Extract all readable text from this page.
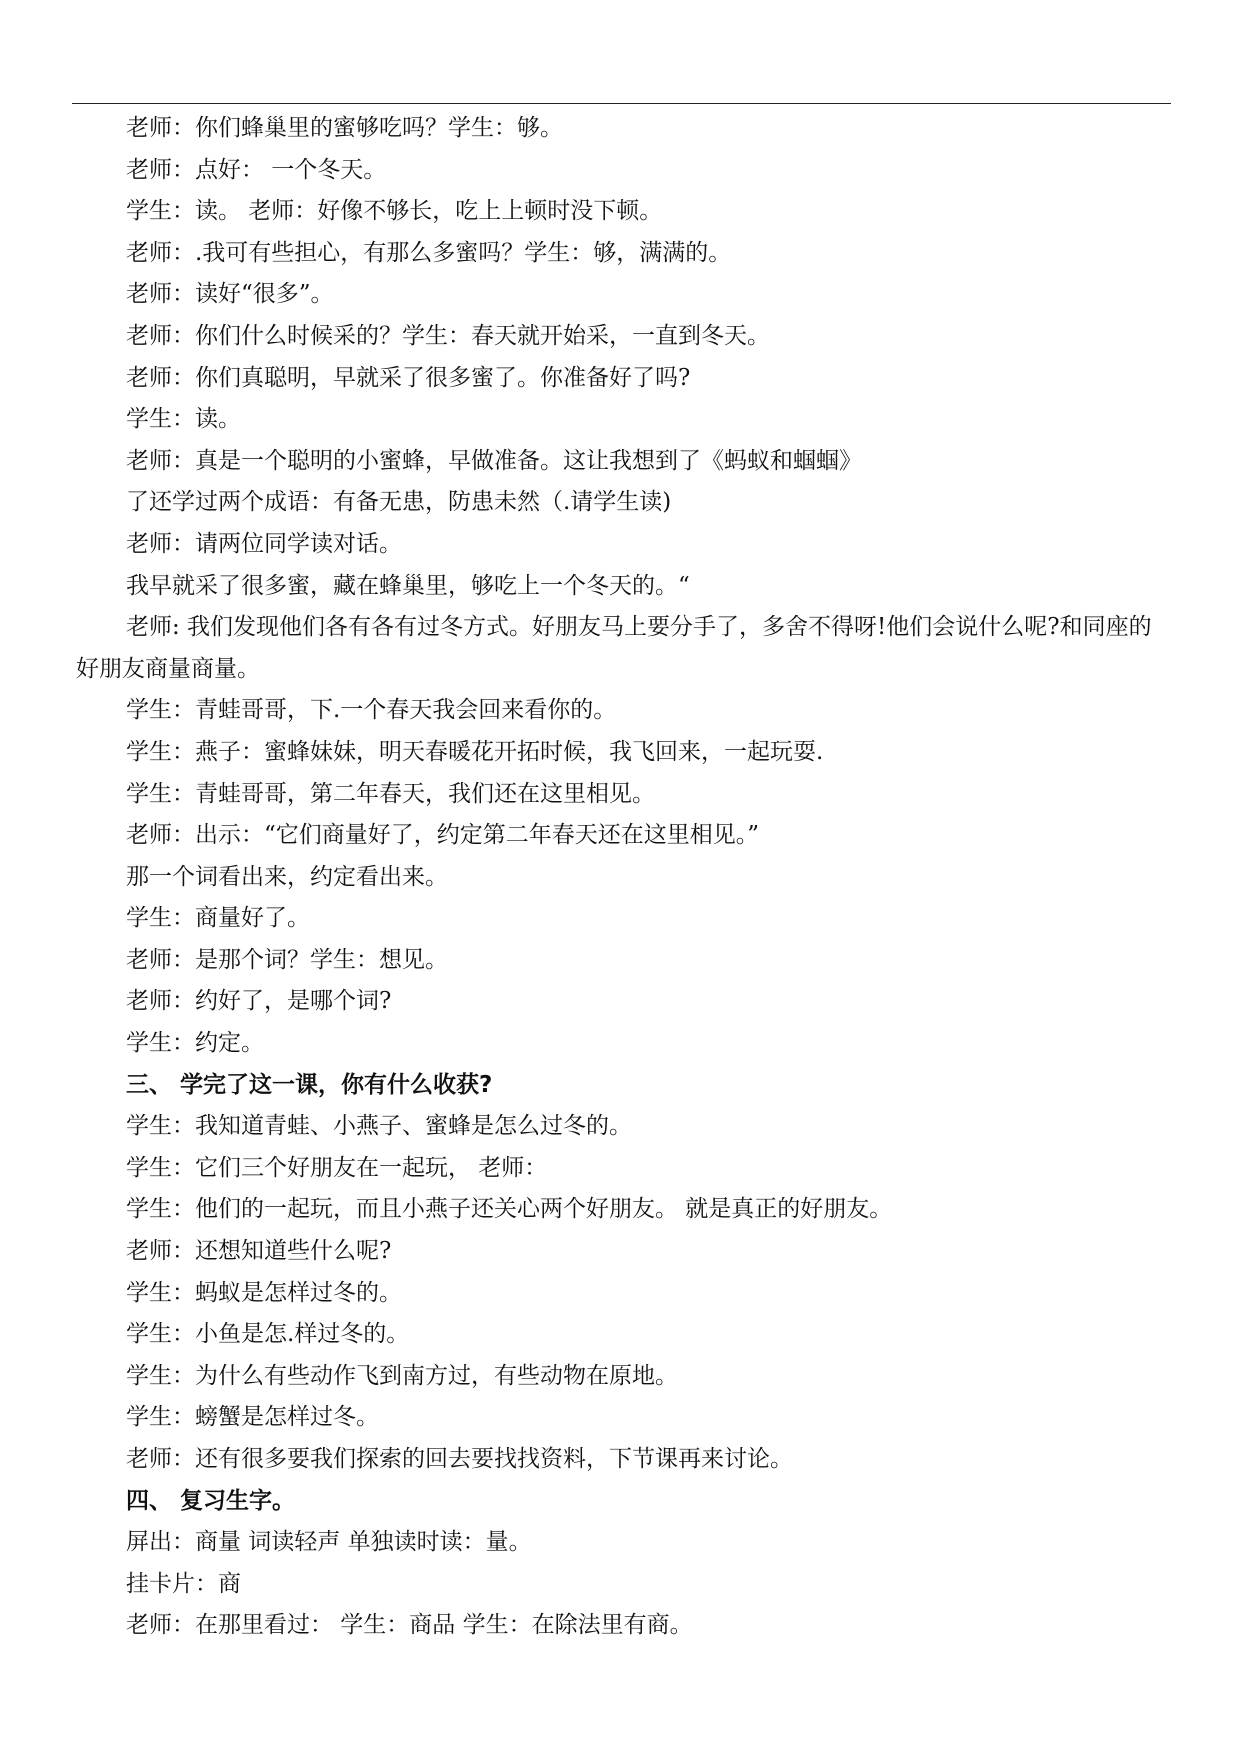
老师：你们蜂巢里的蜜够吃吗？学生：够。

老师：点好： 一个冬天。

学生：读。 老师：好像不够长，吃上上顿时没下顿。

老师：.我可有些担心，有那么多蜜吗？学生：够，满满的。

老师：读好“很多”。

老师：你们什么时候采的？学生：春天就开始采，一直到冬天。

老师：你们真聪明，早就采了很多蜜了。你准备好了吗?

学生：读。

老师：真是一个聪明的小蜜蜂，早做准备。这让我想到了《蚂蚁和蝈蝈》

了还学过两个成语：有备无患，防患未然（.请学生读)

老师：请两位同学读对话。

我早就采了很多蜜，藏在蜂巢里，够吃上一个冬天的。“

老师: 我们发现他们各有各有过冬方式。好朋友马上要分手了，多舍不得呀!他们会说什么呢?和同座的好朋友商量商量。

学生：青蛙哥哥，下.一个春天我会回来看你的。

学生：燕子：蜜蜂妹妹，明天春暖花开拓时候，我飞回来，一起玩耍.

学生：青蛙哥哥，第二年春天，我们还在这里相见。

老师：出示：“它们商量好了，约定第二年春天还在这里相见。”

那一个词看出来，约定看出来。

学生：商量好了。

老师：是那个词？学生：想见。

老师：约好了，是哪个词?

学生：约定。

三、 学完了这一课，你有什么收获?

学生：我知道青蛙、小燕子、蜜蜂是怎么过冬的。

学生：它们三个好朋友在一起玩， 老师：

学生：他们的一起玩，而且小燕子还关心两个好朋友。 就是真正的好朋友。

老师：还想知道些什么呢?

学生：蚂蚁是怎样过冬的。

学生：小鱼是怎.样过冬的。

学生：为什么有些动作飞到南方过，有些动物在原地。

学生：螃蟹是怎样过冬。

老师：还有很多要我们探索的回去要找找资料，下节课再来讨论。

四、 复习生字。

屏出：商量 词读轻声 单独读时读：量。

挂卡片：商

老师：在那里看过： 学生：商品 学生：在除法里有商。
